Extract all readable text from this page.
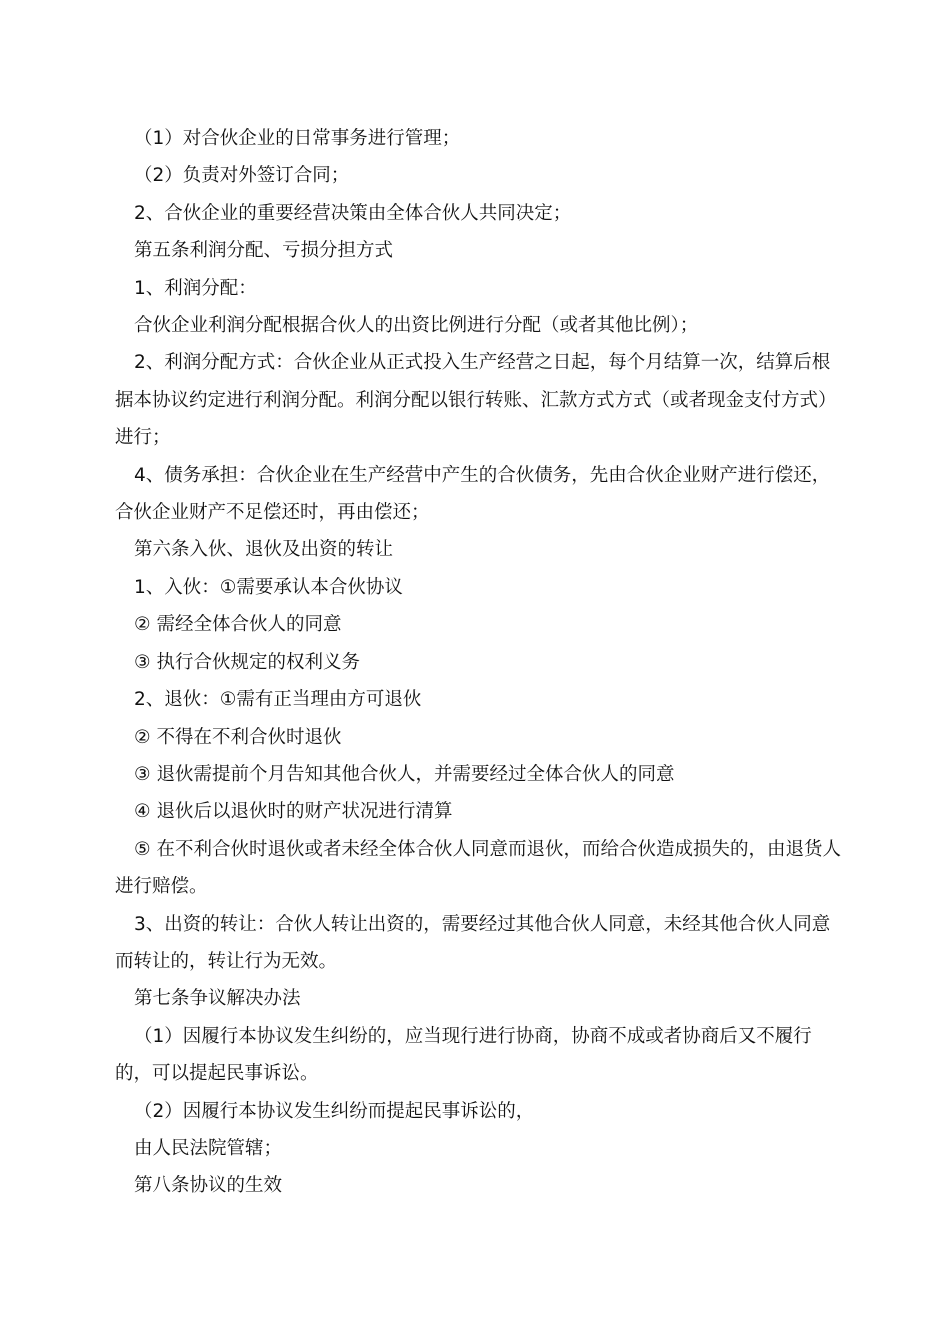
（1）对合伙企业的日常事务进行管理；

（2）负责对外签订合同；

2、合伙企业的重要经营决策由全体合伙人共同决定；

第五条利润分配、亏损分担方式

1、利润分配：

合伙企业利润分配根据合伙人的出资比例进行分配（或者其他比例）；

2、利润分配方式：合伙企业从正式投入生产经营之日起，每个月结算一次，结算后根据本协议约定进行利润分配。利润分配以银行转账、汇款方式方式（或者现金支付方式）进行；

4、债务承担：合伙企业在生产经营中产生的合伙债务，先由合伙企业财产进行偿还，合伙企业财产不足偿还时，再由偿还；

第六条入伙、退伙及出资的转让

1、入伙：①需要承认本合伙协议

② 需经全体合伙人的同意

③ 执行合伙规定的权利义务

2、退伙：①需有正当理由方可退伙

② 不得在不利合伙时退伙

③ 退伙需提前个月告知其他合伙人，并需要经过全体合伙人的同意

④ 退伙后以退伙时的财产状况进行清算

⑤ 在不利合伙时退伙或者未经全体合伙人同意而退伙，而给合伙造成损失的，由退货人进行赔偿。

3、出资的转让：合伙人转让出资的，需要经过其他合伙人同意，未经其他合伙人同意而转让的，转让行为无效。

第七条争议解决办法

（1）因履行本协议发生纠纷的，应当现行进行协商，协商不成或者协商后又不履行的，可以提起民事诉讼。

（2）因履行本协议发生纠纷而提起民事诉讼的，

由人民法院管辖；

第八条协议的生效
